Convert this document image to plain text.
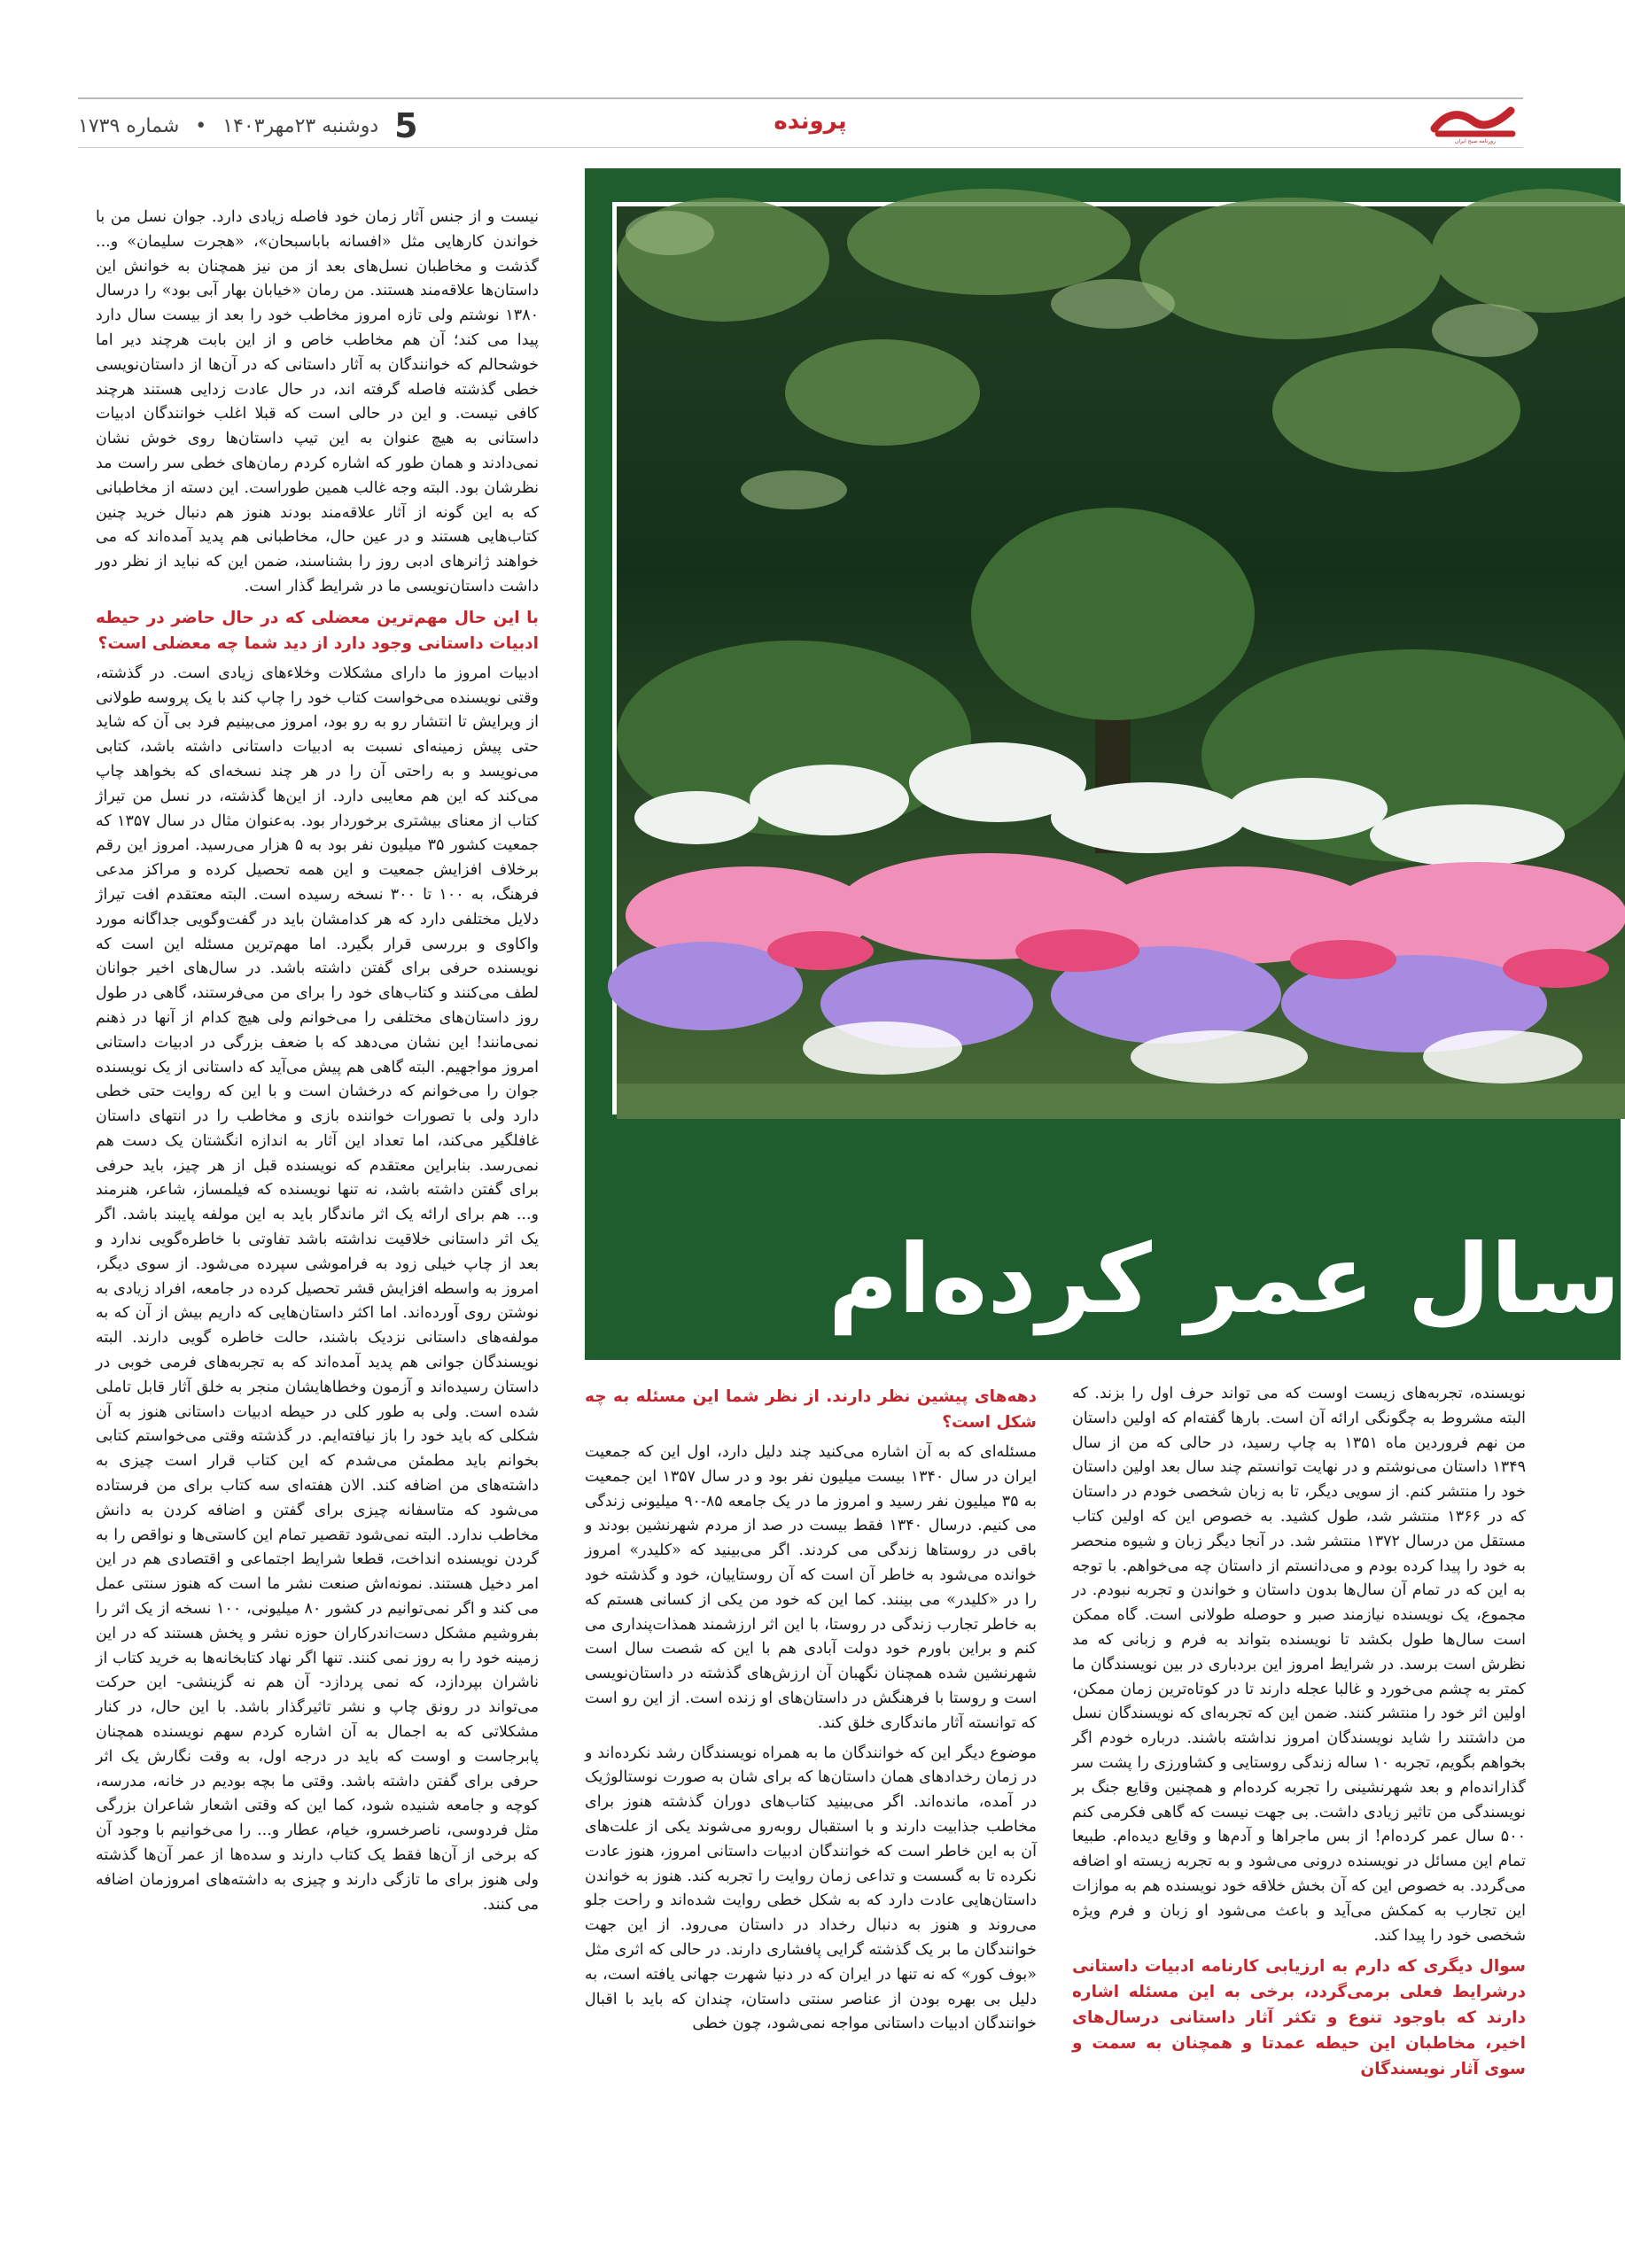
روزنامه صبح ایران
پرونده
5
دوشنبه ۲۳مهر۱۴۰۳
•
شماره ۱۷۳۹
سال عمر کرده‌ام

نیست و از جنس آثار زمان خود فاصله زیادی دارد. جوان نسل من با خواندن کارهایی مثل «افسانه باباسبحان»، «هجرت سلیمان» و... گذشت و مخاطبان نسل‌های بعد از من نیز همچنان به خوانش این داستان‌ها علاقه‌مند هستند. من رمان «خیابان بهار آبی بود» را درسال ۱۳۸۰ نوشتم ولی تازه امروز مخاطب خود را بعد از بیست سال دارد پیدا می کند؛ آن هم مخاطب خاص و از این بابت هرچند دیر اما خوشحالم که خوانندگان به آثار داستانی که در آن‌ها از داستان‌نویسی خطی گذشته فاصله گرفته اند، در حال عادت زدایی هستند هرچند کافی نیست. و این در حالی است که قبلا اغلب خوانندگان ادبیات داستانی به هیچ عنوان به این تیپ داستان‌ها روی خوش نشان نمی‌دادند و همان طور که اشاره کردم رمان‌های خطی سر راست مد نظرشان بود. البته وجه غالب همین طوراست. این دسته از مخاطبانی که به این گونه از آثار علاقه‌مند بودند هنوز هم دنبال خرید چنین کتاب‌هایی هستند و در عین حال، مخاطبانی هم پدید آمده‌اند که می خواهند ژانرهای ادبی روز را بشناسند، ضمن این که نباید از نظر دور داشت داستان‌نویسی ما در شرایط گذار است.

با این حال مهم‌ترین معضلی که در حال حاضر در حیطه ادبیات داستانی وجود دارد از دید شما چه معضلی است؟

ادبیات امروز ما دارای مشکلات وخلاءهای زیادی است. در گذشته، وقتی نویسنده می‌خواست کتاب خود را چاپ کند با یک پروسه طولانی از ویرایش تا انتشار رو به رو بود، امروز می‌بینیم فرد بی آن که شاید حتی پیش زمینه‌ای نسبت به ادبیات داستانی داشته باشد، کتابی می‌نویسد و به راحتی آن را در هر چند نسخه‌ای که بخواهد چاپ می‌کند که این هم معایبی دارد. از این‌ها گذشته، در نسل من تیراژ کتاب از معنای بیشتری برخوردار بود. به‌عنوان مثال در سال ۱۳۵۷ که جمعیت کشور ۳۵ میلیون نفر بود به ۵ هزار می‌رسید. امروز این رقم برخلاف افزایش جمعیت و این همه تحصیل کرده و مراکز مدعی فرهنگ، به ۱۰۰ تا ۳۰۰ نسخه رسیده است. البته معتقدم افت تیراژ دلایل مختلفی دارد که هر کدامشان باید در گفت‌وگویی جداگانه مورد واکاوی و بررسی قرار بگیرد. اما مهم‌ترین مسئله این است که نویسنده حرفی برای گفتن داشته باشد. در سال‌های اخیر جوانان لطف می‌کنند و کتاب‌های خود را برای من می‌فرستند، گاهی در طول روز داستان‌های مختلفی را می‌خوانم ولی هیچ کدام از آنها در ذهنم نمی‌مانند! این نشان می‌دهد که با ضعف بزرگی در ادبیات داستانی امروز مواجهیم. البته گاهی هم پیش می‌آید که داستانی از یک نویسنده جوان را می‌خوانم که درخشان است و با این که روایت حتی خطی دارد ولی با تصورات خواننده بازی و مخاطب را در انتهای داستان غافلگیر می‌کند، اما تعداد این آثار به اندازه انگشتان یک دست هم نمی‌رسد. بنابراین معتقدم که نویسنده قبل از هر چیز، باید حرفی برای گفتن داشته باشد، نه تنها نویسنده که فیلمساز، شاعر، هنرمند و... هم برای ارائه یک اثر ماندگار باید به این مولفه پایبند باشد. اگر یک اثر داستانی خلاقیت نداشته باشد تفاوتی با خاطره‌گویی ندارد و بعد از چاپ خیلی زود به فراموشی سپرده می‌شود. از سوی دیگر، امروز به واسطه افزایش قشر تحصیل کرده در جامعه، افراد زیادی به نوشتن روی آورده‌اند. اما اکثر داستان‌هایی که داریم بیش از آن که به مولفه‌های داستانی نزدیک باشند، حالت خاطره گویی دارند. البته نویسندگان جوانی هم پدید آمده‌اند که به تجربه‌های فرمی خوبی در داستان رسیده‌اند و آزمون وخطاهایشان منجر به خلق آثار قابل تاملی شده است. ولی به طور کلی در حیطه ادبیات داستانی هنوز به آن شکلی که باید خود را باز نیافته‌ایم. در گذشته وقتی می‌خواستم کتابی بخوانم باید مطمئن می‌شدم که این کتاب قرار است چیزی به داشته‌های من اضافه کند. الان هفته‌ای سه کتاب برای من فرستاده می‌شود که متاسفانه چیزی برای گفتن و اضافه کردن به دانش مخاطب ندارد. البته نمی‌شود تقصیر تمام این کاستی‌ها و نواقص را به گردن نویسنده انداخت، قطعا شرایط اجتماعی و اقتصادی هم در این امر دخیل هستند. نمونه‌اش صنعت نشر ما است که هنوز سنتی عمل می کند و اگر نمی‌توانیم در کشور ۸۰ میلیونی، ۱۰۰ نسخه از یک اثر را بفروشیم مشکل دست‌اندرکاران حوزه نشر و پخش هستند که در این زمینه خود را به روز نمی کنند. تنها اگر نهاد کتابخانه‌ها به خرید کتاب از ناشران بپردازد، که نمی پردازد- آن هم نه گزینشی- این حرکت می‌تواند در رونق چاپ و نشر تاثیرگذار باشد. با این حال، در کنار مشکلاتی که به اجمال به آن اشاره کردم سهم نویسنده همچنان پابرجاست و اوست که باید در درجه اول، به وقت نگارش یک اثر حرفی برای گفتن داشته باشد. وقتی ما بچه بودیم در خانه، مدرسه، کوچه و جامعه شنیده شود، کما این که وقتی اشعار شاعران بزرگی مثل فردوسی، ناصرخسرو، خیام، عطار و... را می‌خوانیم با وجود آن که برخی از آن‌ها فقط یک کتاب دارند و سده‌ها از عمر آن‌ها گذشته ولی هنوز برای ما تازگی دارند و چیزی به داشته‌های امروزمان اضافه می کنند.

دهه‌های پیشین نظر دارند. از نظر شما این مسئله به چه شکل است؟

مسئله‌ای که به آن اشاره می‌کنید چند دلیل دارد، اول این که جمعیت ایران در سال ۱۳۴۰ بیست میلیون نفر بود و در سال ۱۳۵۷ این جمعیت به ۳۵ میلیون نفر رسید و امروز ما در یک جامعه ۸۵-۹۰ میلیونی زندگی می کنیم. درسال ۱۳۴۰ فقط بیست در صد از مردم شهرنشین بودند و باقی در روستاها زندگی می کردند. اگر می‌بینید که «کلیدر» امروز خوانده می‌شود به خاطر آن است که آن روستاییان، خود و گذشته خود را در «کلیدر» می بینند. کما این که خود من یکی از کسانی هستم که به خاطر تجارب زندگی در روستا، با این اثر ارزشمند همذات‌پنداری می کنم و براین باورم خود دولت آبادی هم با این که شصت سال است شهرنشین شده همچنان نگهبان آن ارزش‌های گذشته در داستان‌نویسی است و روستا با فرهنگش در داستان‌های او زنده است. از این رو است که توانسته آثار ماندگاری خلق کند.

موضوع دیگر این که خوانندگان ما به همراه نویسندگان رشد نکرده‌اند و در زمان رخدادهای همان داستان‌ها که برای شان به صورت نوستالوژیک در آمده، مانده‌اند. اگر می‌بینید کتاب‌های دوران گذشته هنوز برای مخاطب جذابیت دارند و با استقبال روبه‌رو می‌شوند یکی از علت‌های آن به این خاطر است که خوانندگان ادبیات داستانی امروز، هنوز عادت نکرده تا به گسست و تداعی زمان روایت را تجربه کند. هنوز به خواندن داستان‌هایی عادت دارد که به شکل خطی روایت شده‌اند و راحت جلو می‌روند و هنوز به دنبال رخداد در داستان می‌رود. از این جهت خوانندگان ما بر یک گذشته گرایی پافشاری دارند. در حالی که اثری مثل «بوف کور» که نه تنها در ایران که در دنیا شهرت جهانی یافته است، به دلیل بی بهره بودن از عناصر سنتی داستان، چندان که باید با اقبال خوانندگان ادبیات داستانی مواجه نمی‌شود، چون خطی

نویسنده، تجربه‌های زیست اوست که می تواند حرف اول را بزند. که البته مشروط به چگونگی ارائه آن است. بارها گفته‌ام که اولین داستان من نهم فروردین ماه ۱۳۵۱ به چاپ رسید، در حالی که من از سال ۱۳۴۹ داستان می‌نوشتم و در نهایت توانستم چند سال بعد اولین داستان خود را منتشر کنم. از سویی دیگر، تا به زبان شخصی خودم در داستان که در ۱۳۶۶ منتشر شد، طول کشید. به خصوص این که اولین کتاب مستقل من درسال ۱۳۷۲ منتشر شد. در آنجا دیگر زبان و شیوه منحصر به خود را پیدا کرده بودم و می‌دانستم از داستان چه می‌خواهم. با توجه به این که در تمام آن سال‌ها بدون داستان و خواندن و تجربه نبودم. در مجموع، یک نویسنده نیازمند صبر و حوصله طولانی است. گاه ممکن است سال‌ها طول بکشد تا نویسنده بتواند به فرم و زبانی که مد نظرش است برسد. در شرایط امروز این بردباری در بین نویسندگان ما کمتر به چشم می‌خورد و غالبا عجله دارند تا در کوتاه‌ترین زمان ممکن، اولین اثر خود را منتشر کنند. ضمن این که تجربه‌ای که نویسندگان نسل من داشتند را شاید نویسندگان امروز نداشته باشند. درباره خودم اگر بخواهم بگویم، تجربه ۱۰ ساله زندگی روستایی و کشاورزی را پشت سر گذارانده‌ام و بعد شهرنشینی را تجربه کرده‌ام و همچنین وقایع جنگ بر نویسندگی من تاثیر زیادی داشت. بی جهت نیست که گاهی فکرمی کنم ۵۰۰ سال عمر کرده‌ام! از بس ماجراها و آدم‌ها و وقایع دیده‌ام. طبیعا تمام این مسائل در نویسنده درونی می‌شود و به تجربه زیسته او اضافه می‌گردد. به خصوص این که آن بخش خلاقه خود نویسنده هم به موازات این تجارب به کمکش می‌آید و باعث می‌شود او زبان و فرم ویژه شخصی خود را پیدا کند.

سوال دیگری که دارم به ارزیابی کارنامه ادبیات داستانی درشرایط فعلی برمی‌گردد، برخی به این مسئله اشاره دارند که باوجود تنوع و تکثر آثار داستانی درسال‌های اخیر، مخاطبان این حیطه عمدتا و همچنان به سمت و سوی آثار نویسندگان
